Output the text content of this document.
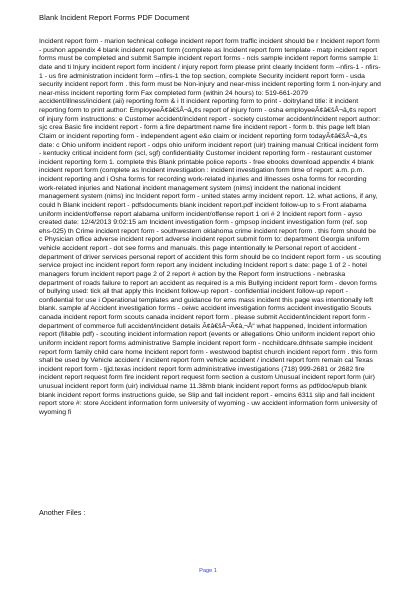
Blank Incident Report Forms PDF Document
Incident report form - marion technical college incident report form traffic incident should be r Incident report form - pushon appendix 4 blank incident report form (complete as Incident report form template - matp incident report forms must be completed and submit Sample incident report forms - ncls sample incident report forms sample 1: date and ti Injury incident report form incident / injury report form please print clearly Incident form --nfirs-1 - nfirs-1 - us fire administration incident form --nfirs-1 the top section, complete Security incident report form - usda security incident report form . this form must be Non-injury and near-miss incident reporting form 1 non-injury and near-miss incident reporting form Fax completed form (within 24 hours) to: 519-661-2079 accident/illness/incident (aii) reporting form & i It incident reporting form to print - doitryland title: it incident reporting form to print author: EmployeeÃ¢â€šÂ¬â„¢s report of injury form - osha employeeÃ¢â€šÂ¬â„¢s report of injury form instructions: e Customer accident/incident report - society customer accident/incident report author: sjc crea Basic fire incident report - form a fire department name fire incident report - form b. this page left blan Claim or incident reporting form - independent agent e&o claim or incident reporting form todayÃ¢â€šÂ¬â„¢s date: c Ohio uniform incident report - odps ohio uniform incident report (uir) training manual Critical incident form - kentucky critical incident form (scl, sgf) confidentiality Customer incident reporting form - restaurant customer incident reporting form 1. complete this Blank printable police reports - free ebooks download appendix 4 blank incident report form (complete as Incident investigation : incident investigation form time of report: a.m. p.m. incident reporting and i Osha forms for recording work-related injuries and illnesses osha forms for recording work-related injuries and National incident management system (nims) incident the national incident management system (nims) inc Incident report form - united states army incident report. 12. what actions, if any, could h Blank incident report - pdfsdocuments blank incident report.pdf incident follow-up to s Front alabama uniform incident/offense report alabama uniform incident/offense report 1 ori # 2 Incident report form - ayso created date: 12/4/2013 9:02:15 am Incident investigation form - gmpsop incident investigation form (ref. sop ehs-025) th Crime incident report form - southwestern oklahoma crime incident report form . this form should be c Physician office adverse incident report adverse incident report submit form to: department Georgia uniform vehicle accident report - dot see forms and manuals. this page intentionally le Personal report of accident - department of driver services personal report of accident this form should be co Incident report form - us scouting service project inc incident report form report any incident including Incident report s date: page 1 of 2 - hotel managers forum incident report page 2 of 2 report # action by the Report form instructions - nebraska department of roads failure to report an accident as required is a mis Bullying incident report form - devon forms of bullying used: tick all that apply this Incident follow-up report - confidential incident follow-up report - confidential for use i Operational templates and guidance for ems mass incident this page was intentionally left blank. sample af Accident investigation forms - ceiwc accident investigation forms accident investigatio Scouts canada incident report form scouts canada incident report form . please submit Accident/incident report form - department of commerce full accident/incident details Ã¢â€šÂ¬Ã¢â‚¬Å“ what happened, Incident information report (fillable pdf) - scouting incident information report (events or allegations Ohio uniform incident report ohio uniform incident report forms administrative Sample incident report form - ncchildcare.dhhsate sample incident report form family child care home Incident report form - westwood baptist church incident report form . this form shall be used by Vehicle accident / incident report form vehicle accident / incident report form remain cal Texas incident report form - tjjd.texas incident report form administrative investigations (718) 999-2681 or 2682 fire incident report request form fire incident report request form section a custom Unusual incident report form (uir) unusual incident report form (uir) individual name 11.38mb blank incident report forms as pdf/doc/epub blank blank incident report forms instructions guide, se Slip and fall incident report - emcins 6311 slip and fall incident report store #: store Accident information form university of wyoming - uw accident information form university of wyoming fi
Another Files :
Page 1
